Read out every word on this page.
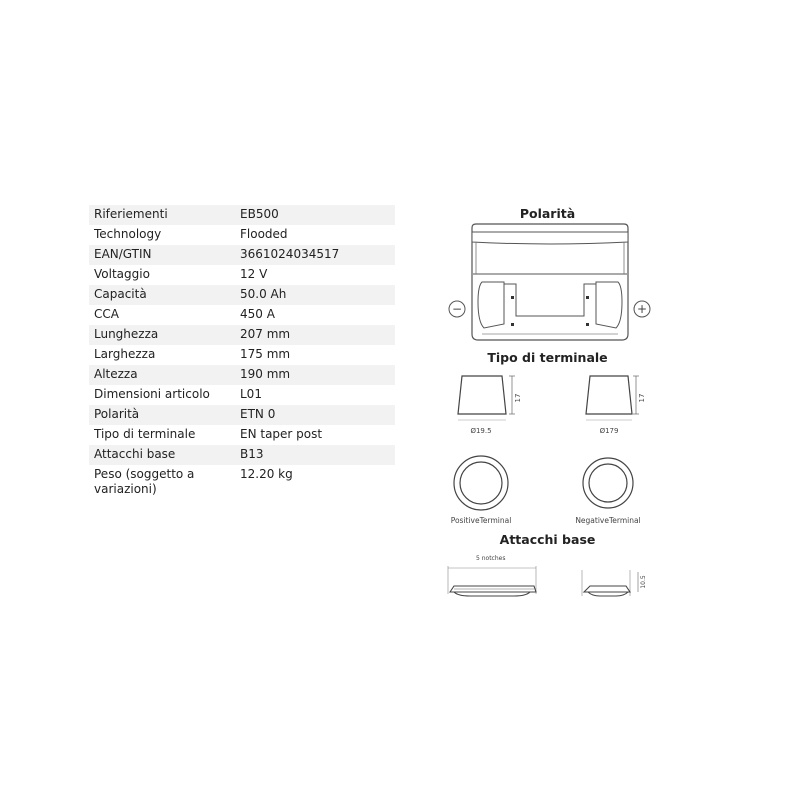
Riferiementi	EB500
Technology	Flooded
EAN/GTIN	3661024034517
Voltaggio	12 V
Capacità	50.0 Ah
CCA	450 A
Lunghezza	207 mm
Larghezza	175 mm
Altezza	190 mm
Dimensioni articolo	L01
Polarità	ETN 0
Tipo di terminale	EN taper post
Attacchi base	B13
Peso (soggetto a variazioni)	12.20 kg
Polarità
−	+
Tipo di terminale
17
Ø19.5
17
Ø179
PositiveTerminal	NegativeTerminal
Attacchi base
5 notches
10.5
